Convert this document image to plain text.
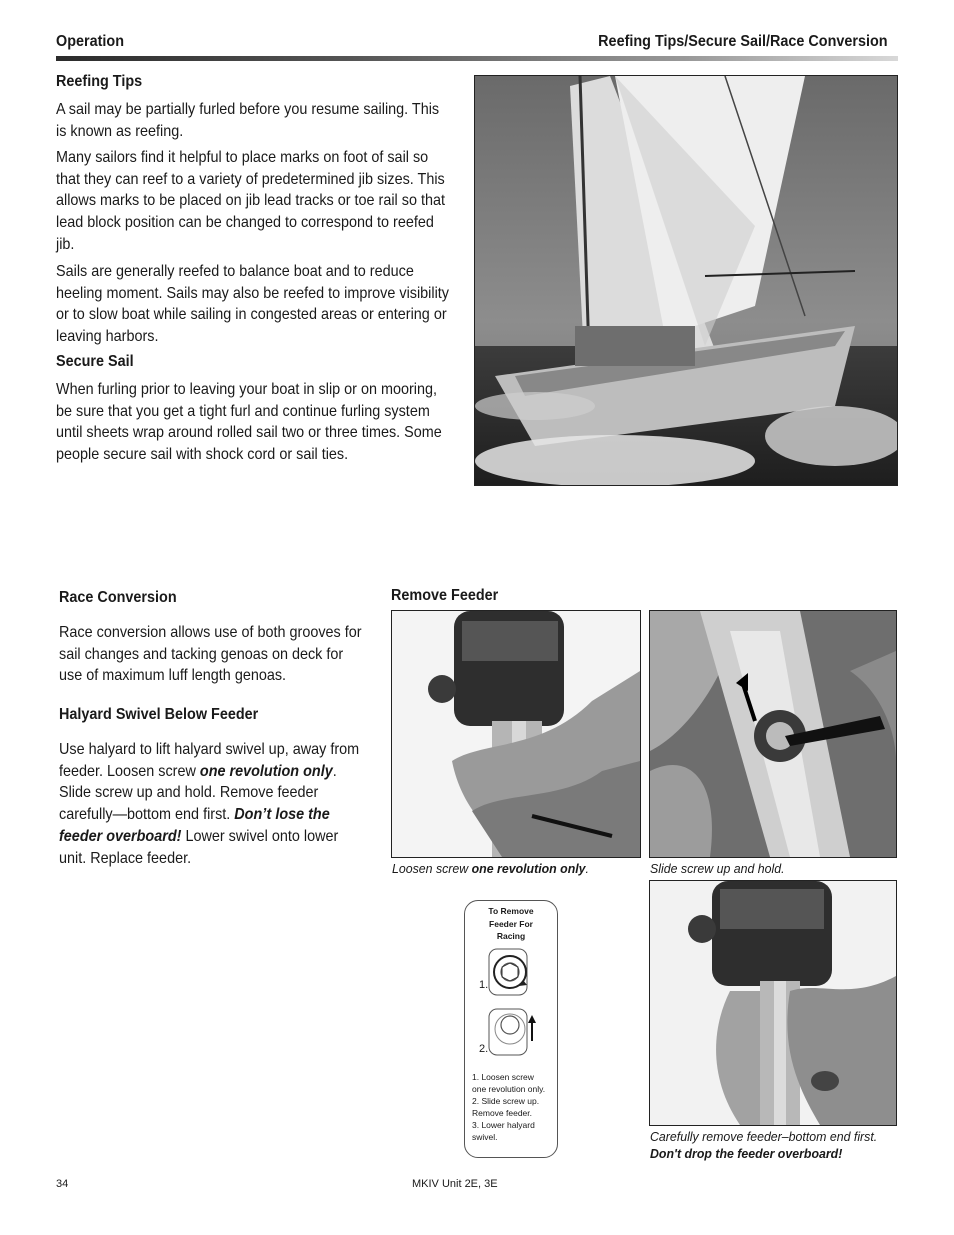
Operation	Reefing Tips/Secure Sail/Race Conversion
Reefing Tips
A sail may be partially furled before you resume sailing. This is known as reefing.
Many sailors find it helpful to place marks on foot of sail so that they can reef to a variety of predetermined jib sizes. This allows marks to be placed on jib lead tracks or toe rail so that lead block position can be changed to correspond to reefed jib.
Sails are generally reefed to balance boat and to reduce heeling moment. Sails may also be reefed to improve visibility or to slow boat while sailing in congested areas or entering or leaving harbors.
Secure Sail
When furling prior to leaving your boat in slip or on mooring, be sure that you get a tight furl and continue furling system until sheets wrap around rolled sail two or three times. Some people secure sail with shock cord or sail ties.
Race Conversion
Race conversion allows use of both grooves for sail changes and tacking genoas on deck for use of maximum luff length genoas.
Halyard Swivel Below Feeder
Use halyard to lift halyard swivel up, away from feeder. Loosen screw one revolution only. Slide screw up and hold. Remove feeder carefully—bottom end first. Don’t lose the feeder overboard! Lower swivel onto lower unit. Replace feeder.
Remove Feeder
Loosen screw one revolution only.	Slide screw up and hold.
To Remove
Feeder For
Racing
1.
2.
1. Loosen screw
one revolution only.
2. Slide screw up.
Remove feeder.
3. Lower halyard
swivel.	Carefully remove feeder–bottom end first.
Don't drop the feeder overboard!
34	MKIV Unit 2E, 3E
